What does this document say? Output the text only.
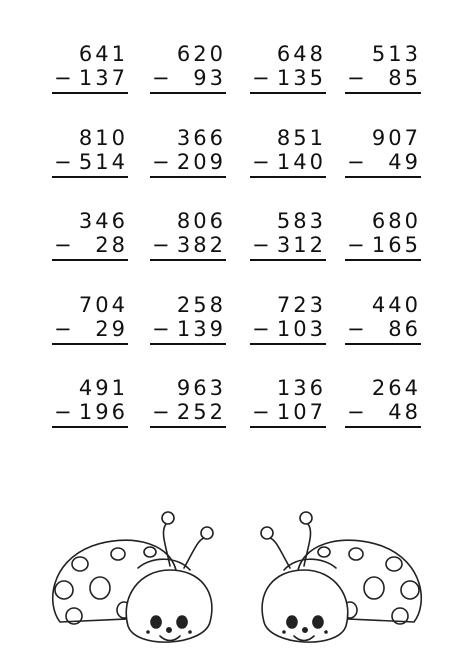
641
− 137
620
−	93
648
− 135
513
−	85
810
− 514
366
− 209
851
− 140
907
−	49
346
−	28
806
− 382
583
− 312
680
− 165
704
−	29
258
− 139
723
− 103
440
−	86
491
− 196
963
− 252
136
− 107
264
−	48
